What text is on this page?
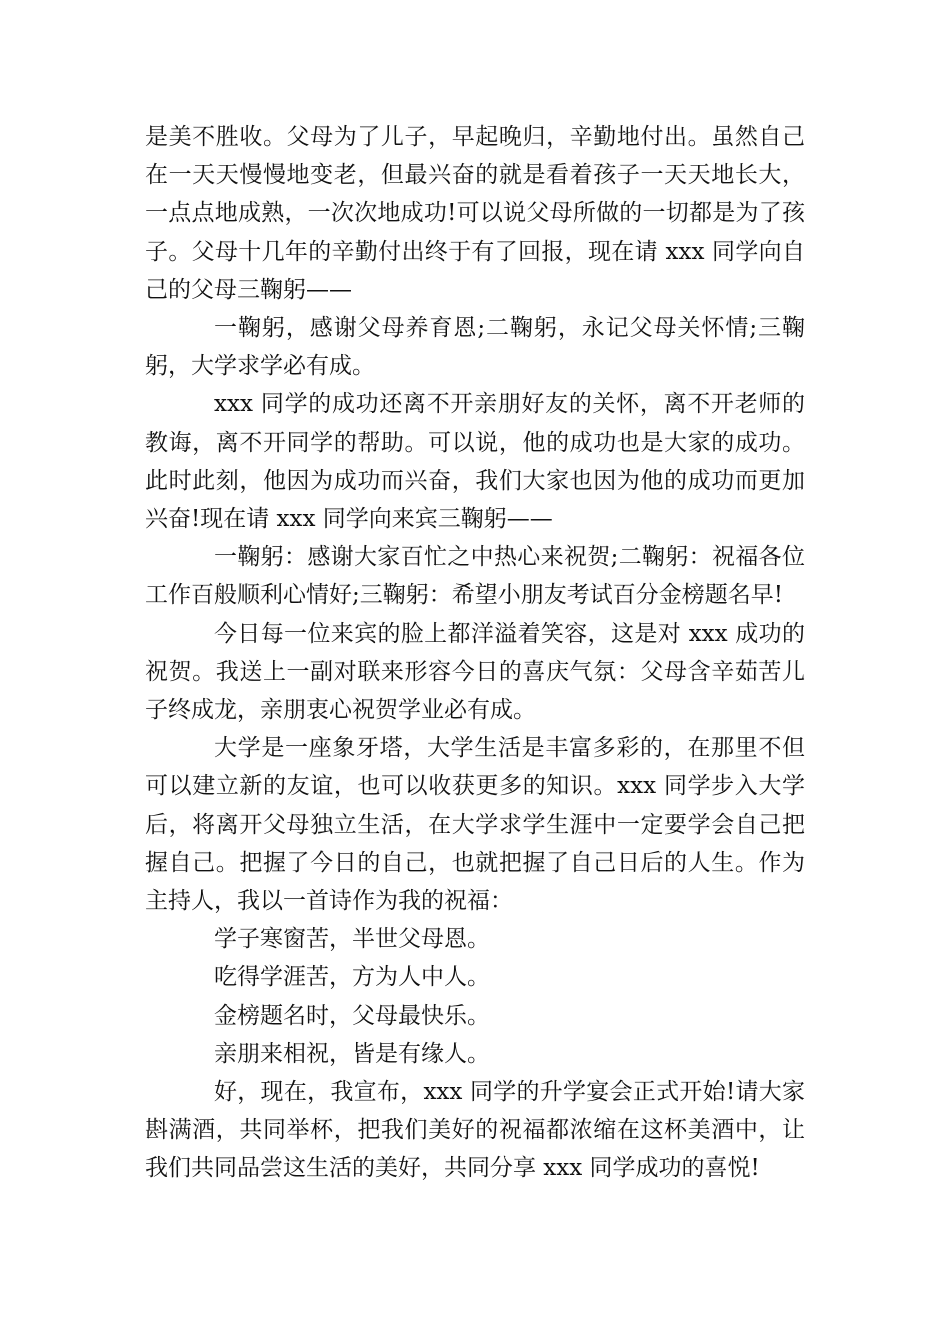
是美不胜收。父母为了儿子，早起晚归，辛勤地付出。虽然自己在一天天慢慢地变老，但最兴奋的就是看着孩子一天天地长大，一点点地成熟，一次次地成功!可以说父母所做的一切都是为了孩子。父母十几年的辛勤付出终于有了回报，现在请 xxx 同学向自己的父母三鞠躬——

一鞠躬，感谢父母养育恩;二鞠躬，永记父母关怀情;三鞠躬，大学求学必有成。

xxx 同学的成功还离不开亲朋好友的关怀，离不开老师的教诲，离不开同学的帮助。可以说，他的成功也是大家的成功。此时此刻，他因为成功而兴奋，我们大家也因为他的成功而更加兴奋!现在请 xxx 同学向来宾三鞠躬——

一鞠躬：感谢大家百忙之中热心来祝贺;二鞠躬：祝福各位工作百般顺利心情好;三鞠躬：希望小朋友考试百分金榜题名早!

今日每一位来宾的脸上都洋溢着笑容，这是对 xxx 成功的祝贺。我送上一副对联来形容今日的喜庆气氛：父母含辛茹苦儿子终成龙，亲朋衷心祝贺学业必有成。

大学是一座象牙塔，大学生活是丰富多彩的，在那里不但可以建立新的友谊，也可以收获更多的知识。xxx 同学步入大学后，将离开父母独立生活，在大学求学生涯中一定要学会自己把握自己。把握了今日的自己，也就把握了自己日后的人生。作为主持人，我以一首诗作为我的祝福：

学子寒窗苦，半世父母恩。

吃得学涯苦，方为人中人。

金榜题名时，父母最快乐。

亲朋来相祝，皆是有缘人。

好，现在，我宣布，xxx 同学的升学宴会正式开始!请大家斟满酒，共同举杯，把我们美好的祝福都浓缩在这杯美酒中，让我们共同品尝这生活的美好，共同分享 xxx 同学成功的喜悦!
